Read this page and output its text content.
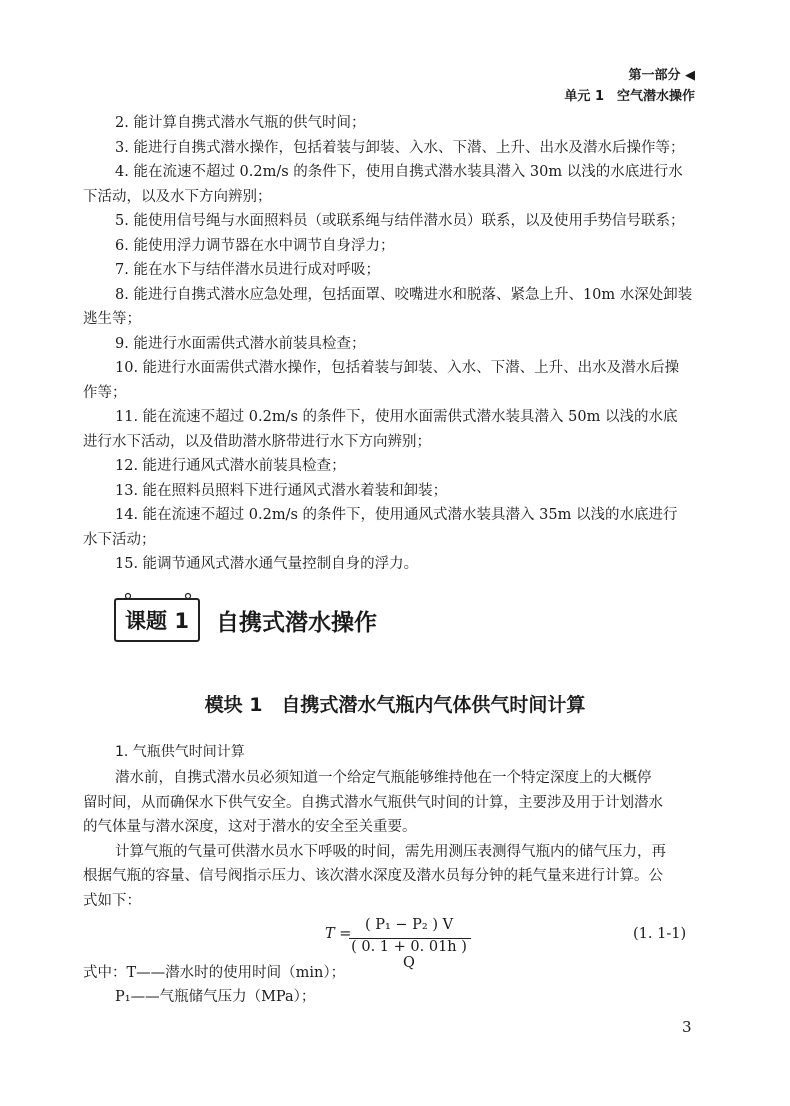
第一部分 ◀
单元 1　空气潜水操作
2. 能计算自携式潜水气瓶的供气时间；
3. 能进行自携式潜水操作，包括着装与卸装、入水、下潜、上升、出水及潜水后操作等；
4. 能在流速不超过 0.2m/s 的条件下，使用自携式潜水装具潜入 30m 以浅的水底进行水
下活动，以及水下方向辨别；
5. 能使用信号绳与水面照料员（或联系绳与结伴潜水员）联系，以及使用手势信号联系；
6. 能使用浮力调节器在水中调节自身浮力；
7. 能在水下与结伴潜水员进行成对呼吸；
8. 能进行自携式潜水应急处理，包括面罩、咬嘴进水和脱落、紧急上升、10m 水深处卸装
逃生等；
9. 能进行水面需供式潜水前装具检查；
10. 能进行水面需供式潜水操作，包括着装与卸装、入水、下潜、上升、出水及潜水后操
作等；
11. 能在流速不超过 0.2m/s 的条件下，使用水面需供式潜水装具潜入 50m 以浅的水底
进行水下活动，以及借助潜水脐带进行水下方向辨别；
12. 能进行通风式潜水前装具检查；
13. 能在照料员照料下进行通风式潜水着装和卸装；
14. 能在流速不超过 0.2m/s 的条件下，使用通风式潜水装具潜入 35m 以浅的水底进行
水下活动；
15. 能调节通风式潜水通气量控制自身的浮力。
课题 1	自携式潜水操作
模块 1　自携式潜水气瓶内气体供气时间计算
1. 气瓶供气时间计算
潜水前，自携式潜水员必须知道一个给定气瓶能够维持他在一个特定深度上的大概停
留时间，从而确保水下供气安全。自携式潜水气瓶供气时间的计算，主要涉及用于计划潜水
的气体量与潜水深度，这对于潜水的安全至关重要。
计算气瓶的气量可供潜水员水下呼吸的时间，需先用测压表测得气瓶内的储气压力，再
根据气瓶的容量、信号阀指示压力、该次潜水深度及潜水员每分钟的耗气量来进行计算。公
式如下：
T =
( P₁ − P₂ ) V
( 0. 1 + 0. 01h ) Q
(1. 1-1)
式中：T——潜水时的使用时间（min）；
P₁——气瓶储气压力（MPa）；
3
